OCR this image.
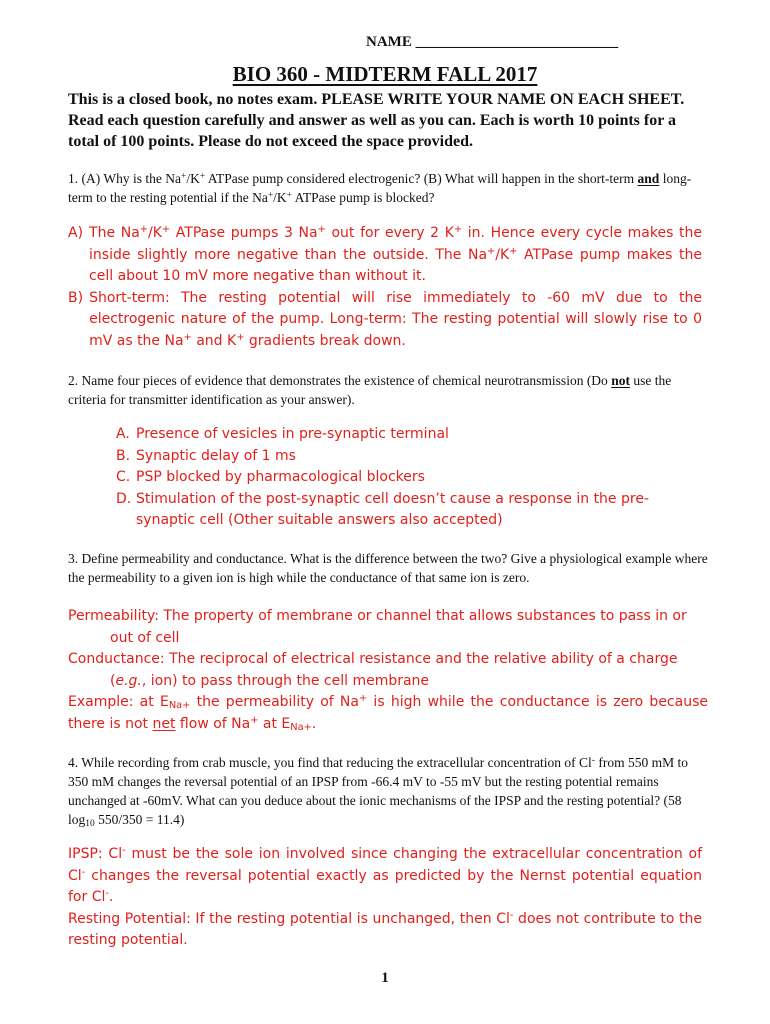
NAME ___________________________
BIO 360 - MIDTERM FALL 2017
This is a closed book, no notes exam. PLEASE WRITE YOUR NAME ON EACH SHEET. Read each question carefully and answer as well as you can. Each is worth 10 points for a total of 100 points. Please do not exceed the space provided.
1. (A) Why is the Na+/K+ ATPase pump considered electrogenic? (B) What will happen in the short-term and long-term to the resting potential if the Na+/K+ ATPase pump is blocked?
A) The Na+/K+ ATPase pumps 3 Na+ out for every 2 K+ in. Hence every cycle makes the inside slightly more negative than the outside. The Na+/K+ ATPase pump makes the cell about 10 mV more negative than without it.
B) Short-term: The resting potential will rise immediately to -60 mV due to the electrogenic nature of the pump. Long-term: The resting potential will slowly rise to 0 mV as the Na+ and K+ gradients break down.
2. Name four pieces of evidence that demonstrates the existence of chemical neurotransmission (Do not use the criteria for transmitter identification as your answer).
A. Presence of vesicles in pre-synaptic terminal
B. Synaptic delay of 1 ms
C. PSP blocked by pharmacological blockers
D. Stimulation of the post-synaptic cell doesn’t cause a response in the pre-synaptic cell (Other suitable answers also accepted)
3. Define permeability and conductance. What is the difference between the two? Give a physiological example where the permeability to a given ion is high while the conductance of that same ion is zero.
Permeability: The property of membrane or channel that allows substances to pass in or out of cell
Conductance: The reciprocal of electrical resistance and the relative ability of a charge (e.g., ion) to pass through the cell membrane
Example: at $E_{Na+}$ the permeability of Na+ is high while the conductance is zero because there is not net flow of Na+ at $E_{Na+}$.
4. While recording from crab muscle, you find that reducing the extracellular concentration of Cl- from 550 mM to 350 mM changes the reversal potential of an IPSP from -66.4 mV to -55 mV but the resting potential remains unchanged at -60mV. What can you deduce about the ionic mechanisms of the IPSP and the resting potential? (58 $\log_{10} 550/350 = 11.4$)
IPSP: Cl- must be the sole ion involved since changing the extracellular concentration of Cl- changes the reversal potential exactly as predicted by the Nernst potential equation for Cl-.
Resting Potential: If the resting potential is unchanged, then Cl- does not contribute to the resting potential.
1
